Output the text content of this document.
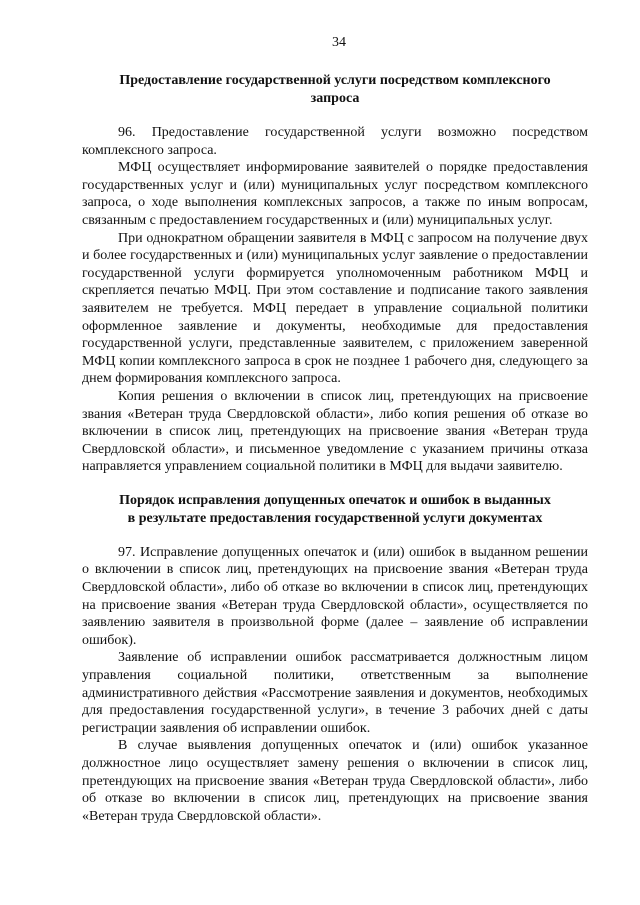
34
Предоставление государственной услуги посредством комплексного
запроса

96. Предоставление государственной услуги возможно посредством комплексного запроса.

МФЦ осуществляет информирование заявителей о порядке предоставления государственных услуг и (или) муниципальных услуг посредством комплексного запроса, о ходе выполнения комплексных запросов, а также по иным вопросам, связанным с предоставлением государственных и (или) муниципальных услуг.

При однократном обращении заявителя в МФЦ с запросом на получение двух и более государственных и (или) муниципальных услуг заявление о предоставлении государственной услуги формируется уполномоченным работником МФЦ и скрепляется печатью МФЦ. При этом составление и подписание такого заявления заявителем не требуется. МФЦ передает в управление социальной политики оформленное заявление и документы, необходимые для предоставления государственной услуги, представленные заявителем, с приложением заверенной МФЦ копии комплексного запроса в срок не позднее 1 рабочего дня, следующего за днем формирования комплексного запроса.

Копия решения о включении в список лиц, претендующих на присвоение звания «Ветеран труда Свердловской области», либо копия решения об отказе во включении в список лиц, претендующих на присвоение звания «Ветеран труда Свердловской области», и письменное уведомление с указанием причины отказа направляется управлением социальной политики в МФЦ для выдачи заявителю.

Порядок исправления допущенных опечаток и ошибок в выданных
в результате предоставления государственной услуги документах

97. Исправление допущенных опечаток и (или) ошибок в выданном решении о включении в список лиц, претендующих на присвоение звания «Ветеран труда Свердловской области», либо об отказе во включении в список лиц, претендующих на присвоение звания «Ветеран труда Свердловской области», осуществляется по заявлению заявителя в произвольной форме (далее – заявление об исправлении ошибок).

Заявление об исправлении ошибок рассматривается должностным лицом управления социальной политики, ответственным за выполнение административного действия «Рассмотрение заявления и документов, необходимых для предоставления государственной услуги», в течение 3 рабочих дней с даты регистрации заявления об исправлении ошибок.

В случае выявления допущенных опечаток и (или) ошибок указанное должностное лицо осуществляет замену решения о включении в список лиц, претендующих на присвоение звания «Ветеран труда Свердловской области», либо об отказе во включении в список лиц, претендующих на присвоение звания «Ветеран труда Свердловской области».
